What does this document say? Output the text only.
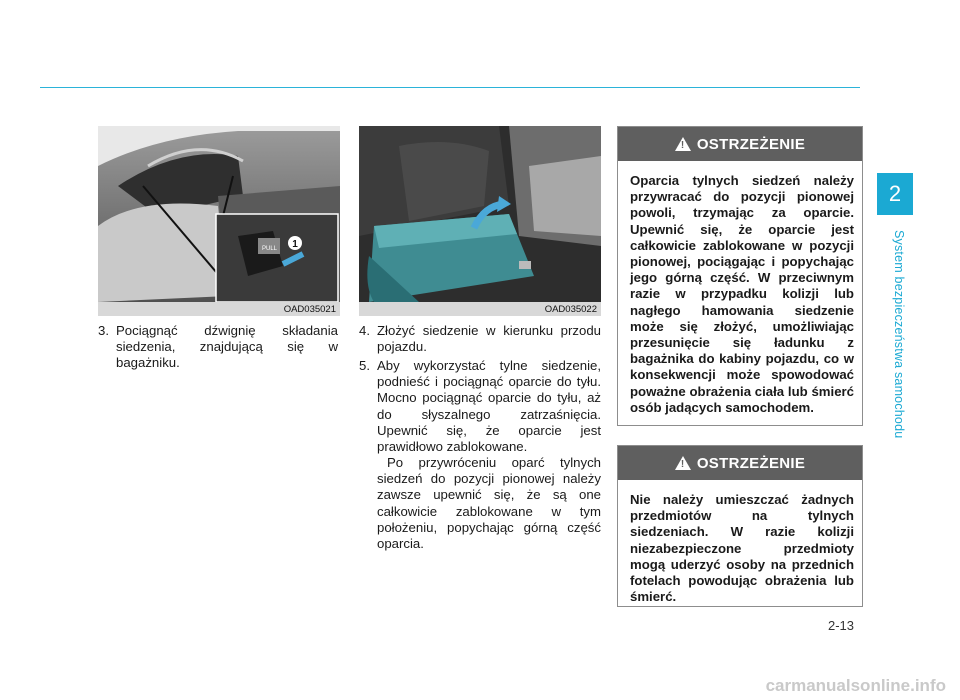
2
System bezpieczeństwa samochodu
1
PULL
OAD035021	OAD035022
3. Pociągnąć dźwignię składania siedzenia, znajdującą się w bagażniku.
4. Złożyć siedzenie w kierunku przodu pojazdu.
5. Aby wykorzystać tylne siedzenie, podnieść i pociągnąć oparcie do tyłu. Mocno pociągnąć oparcie do tyłu, aż do słyszalnego zatrzaśnięcia. Upewnić się, że oparcie jest prawidłowo zablokowane.
Po przywróceniu oparć tylnych siedzeń do pozycji pionowej należy zawsze upewnić się, że są one całkowicie zablokowane w tym położeniu, popychając górną część oparcia.
! OSTRZEŻENIE
Oparcia tylnych siedzeń należy przywracać do pozycji pionowej powoli, trzymając za oparcie. Upewnić się, że oparcie jest całkowicie zablokowane w pozycji pionowej, pociągając i popychając jego górną część. W przeciwnym razie w przypadku kolizji lub nagłego hamowania siedzenie może się złożyć, umożliwiając przesunięcie się ładunku z bagażnika do kabiny pojazdu, co w konsekwencji może spowodować poważne obrażenia ciała lub śmierć osób jadących samochodem.
! OSTRZEŻENIE
Nie należy umieszczać żadnych przedmiotów na tylnych siedzeniach. W razie kolizji niezabezpieczone przedmioty mogą uderzyć osoby na przednich fotelach powodując obrażenia lub śmierć.
2-13
carmanualsonline.info
